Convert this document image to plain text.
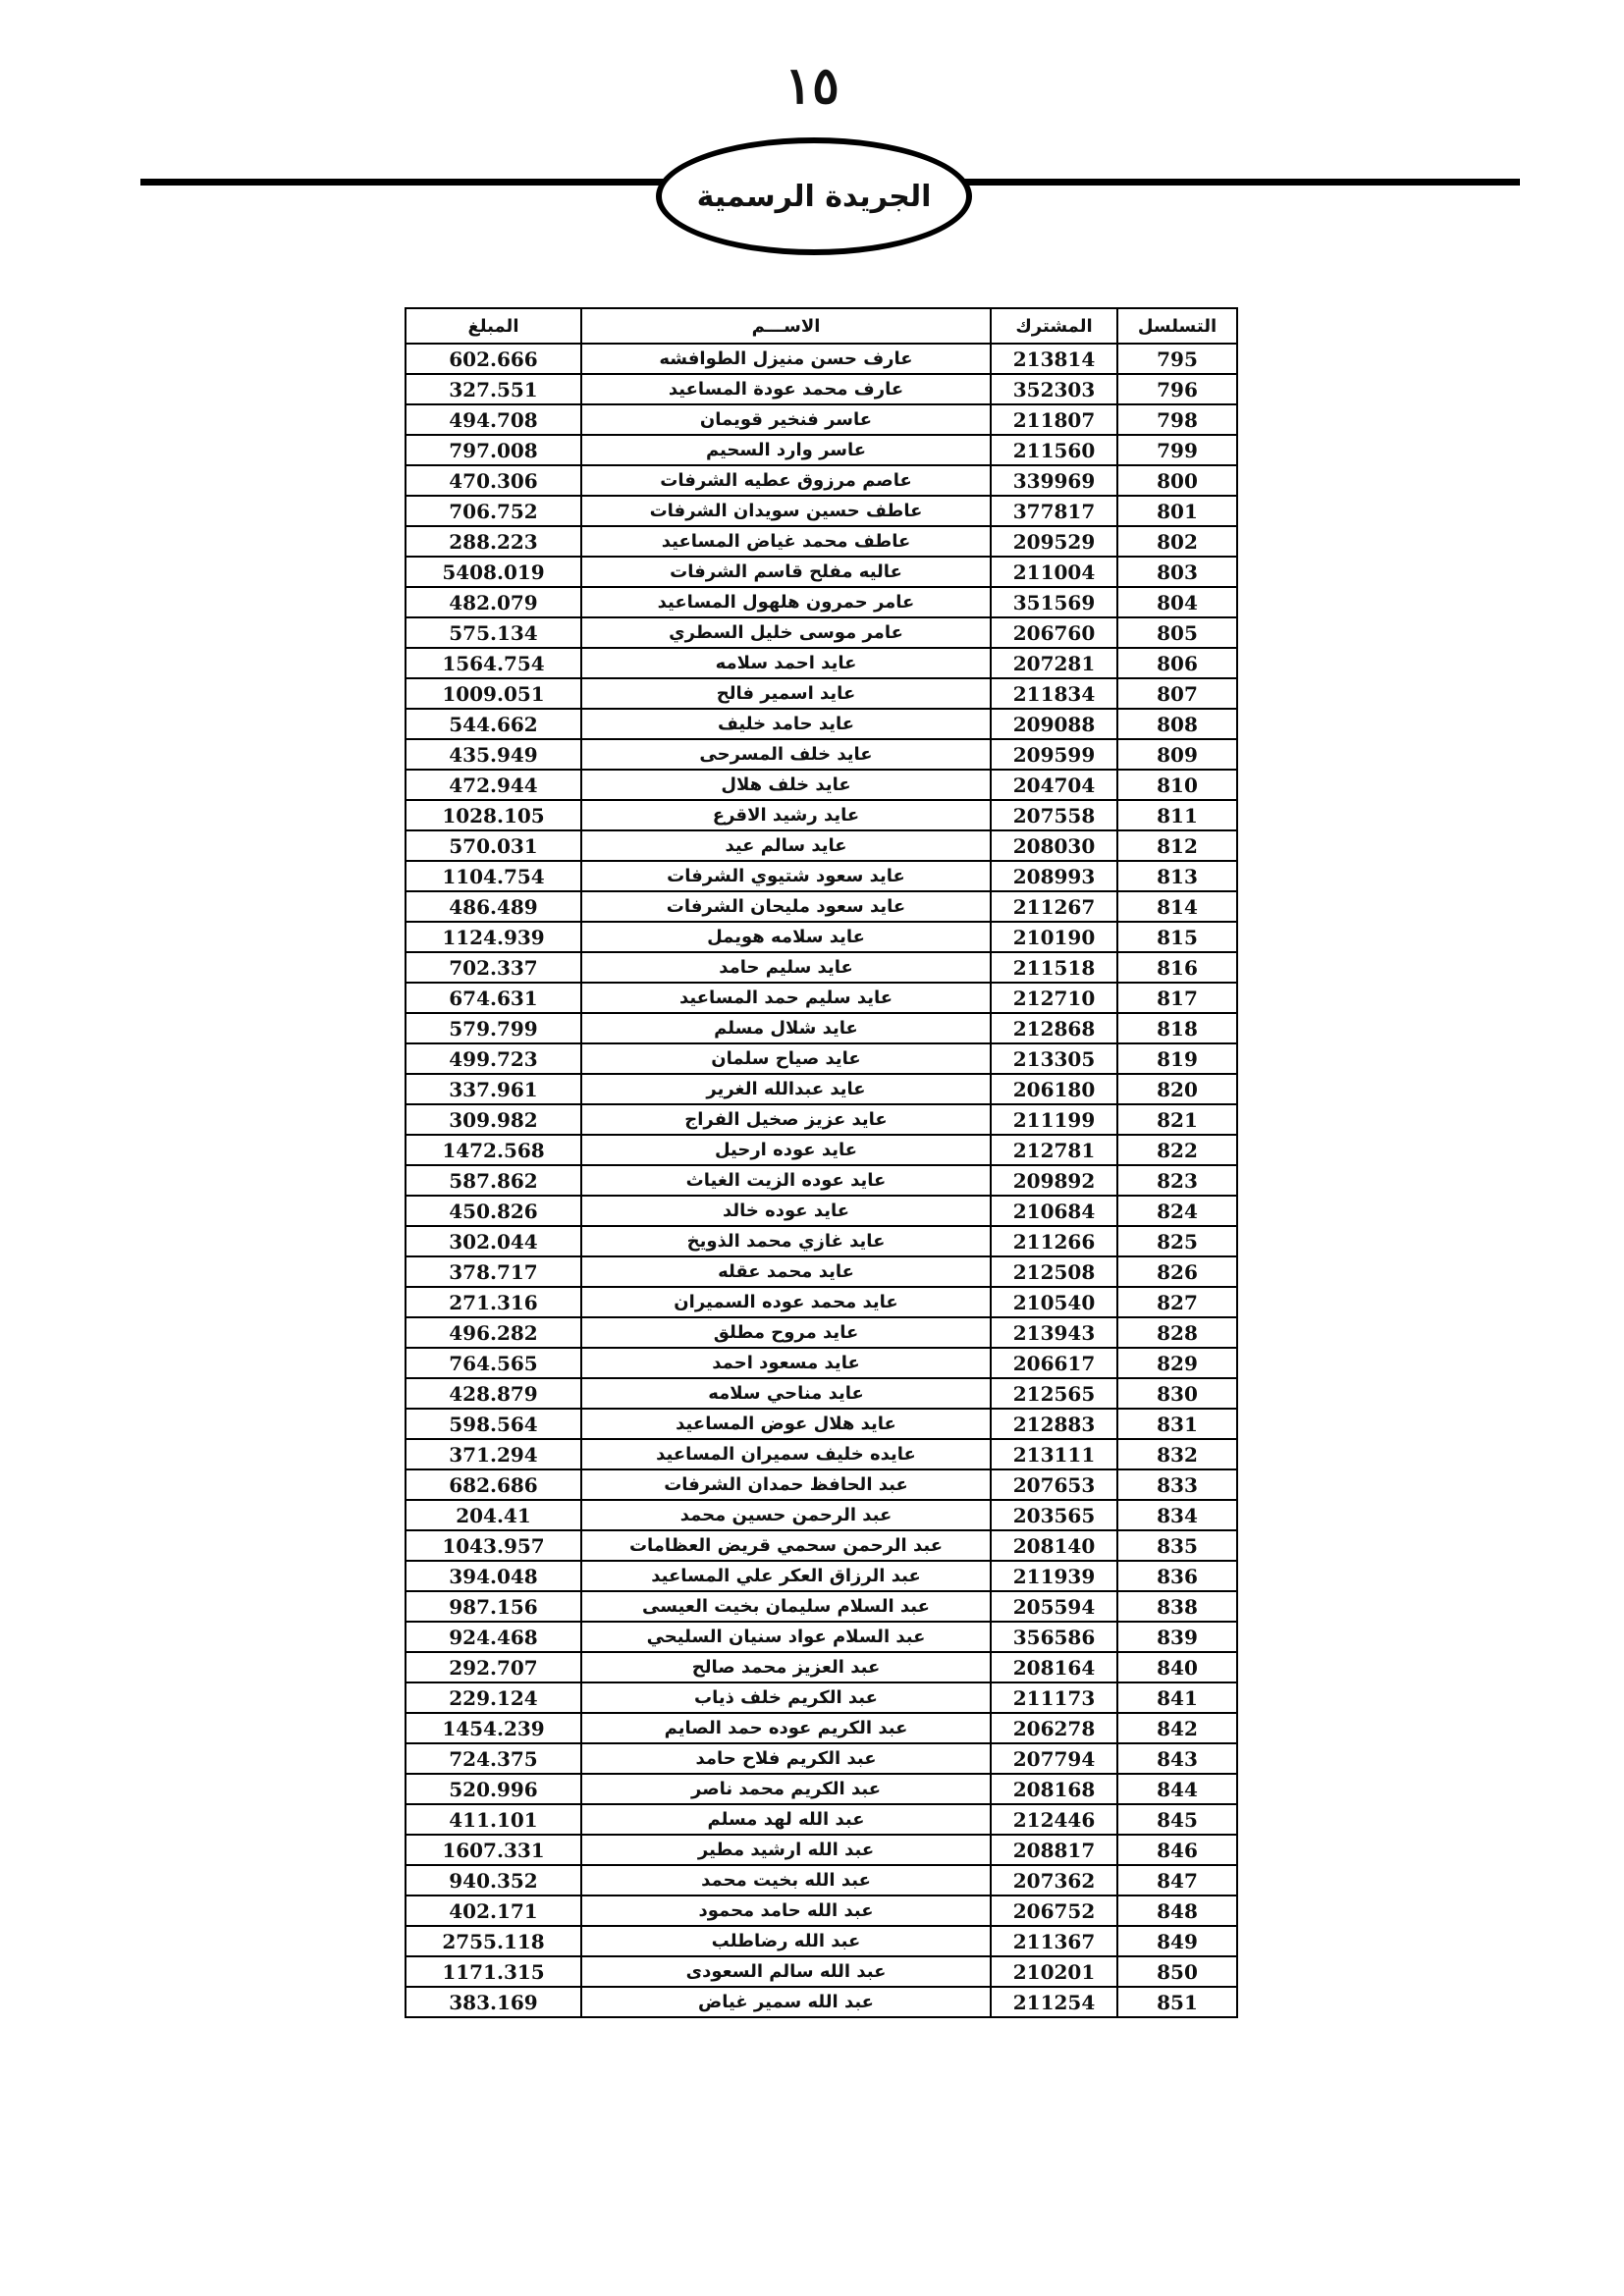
١٥
الجريدة الرسمية
التسلسل	المشترك	الاســـم	المبلغ
795	213814	عارف حسن منيزل الطوافشه	602.666
796	352303	عارف محمد عودة المساعيد	327.551
798	211807	عاسر فنخير قويمان	494.708
799	211560	عاسر وارد السحيم	797.008
800	339969	عاصم مرزوق عطيه الشرفات	470.306
801	377817	عاطف حسين سويدان الشرفات	706.752
802	209529	عاطف محمد غياض المساعيد	288.223
803	211004	عاليه مفلح قاسم الشرفات	5408.019
804	351569	عامر حمرون هلهول المساعيد	482.079
805	206760	عامر موسى خليل السطري	575.134
806	207281	عايد احمد سلامه	1564.754
807	211834	عايد اسمير فالح	1009.051
808	209088	عايد حامد خليف	544.662
809	209599	عايد خلف المسرحى	435.949
810	204704	عايد خلف هلال	472.944
811	207558	عايد رشيد الاقرع	1028.105
812	208030	عايد سالم عيد	570.031
813	208993	عايد سعود شتيوي الشرفات	1104.754
814	211267	عايد سعود مليحان الشرفات	486.489
815	210190	عايد سلامه هويمل	1124.939
816	211518	عايد سليم حامد	702.337
817	212710	عايد سليم حمد المساعيد	674.631
818	212868	عايد شلال مسلم	579.799
819	213305	عايد صياح سلمان	499.723
820	206180	عايد عبدالله الغرير	337.961
821	211199	عايد عزيز صخيل الفراج	309.982
822	212781	عايد عوده ارحيل	1472.568
823	209892	عايد عوده الزيت الغياث	587.862
824	210684	عايد عوده خالد	450.826
825	211266	عايد غازي محمد الذويخ	302.044
826	212508	عايد محمد عقله	378.717
827	210540	عايد محمد عوده السميران	271.316
828	213943	عايد مروح مطلق	496.282
829	206617	عايد مسعود احمد	764.565
830	212565	عايد مناحي سلامه	428.879
831	212883	عايد هلال عوض المساعيد	598.564
832	213111	عايده خليف سميران المساعيد	371.294
833	207653	عبد الحافظ حمدان الشرفات	682.686
834	203565	عبد الرحمن حسين محمد	204.41
835	208140	عبد الرحمن سحمي قريض العظامات	1043.957
836	211939	عبد الرزاق العكر علي المساعيد	394.048
838	205594	عبد السلام سليمان بخيت العيسى	987.156
839	356586	عبد السلام عواد سنيان السليحي	924.468
840	208164	عبد العزيز محمد صالح	292.707
841	211173	عبد الكريم خلف ذياب	229.124
842	206278	عبد الكريم عوده حمد الصايم	1454.239
843	207794	عبد الكريم فلاح حامد	724.375
844	208168	عبد الكريم محمد ناصر	520.996
845	212446	عبد الله لهد مسلم	411.101
846	208817	عبد الله ارشيد مطير	1607.331
847	207362	عبد الله بخيت محمد	940.352
848	206752	عبد الله حامد محمود	402.171
849	211367	عبد الله رضاطلب	2755.118
850	210201	عبد الله سالم السعودى	1171.315
851	211254	عبد الله سمير غياض	383.169
